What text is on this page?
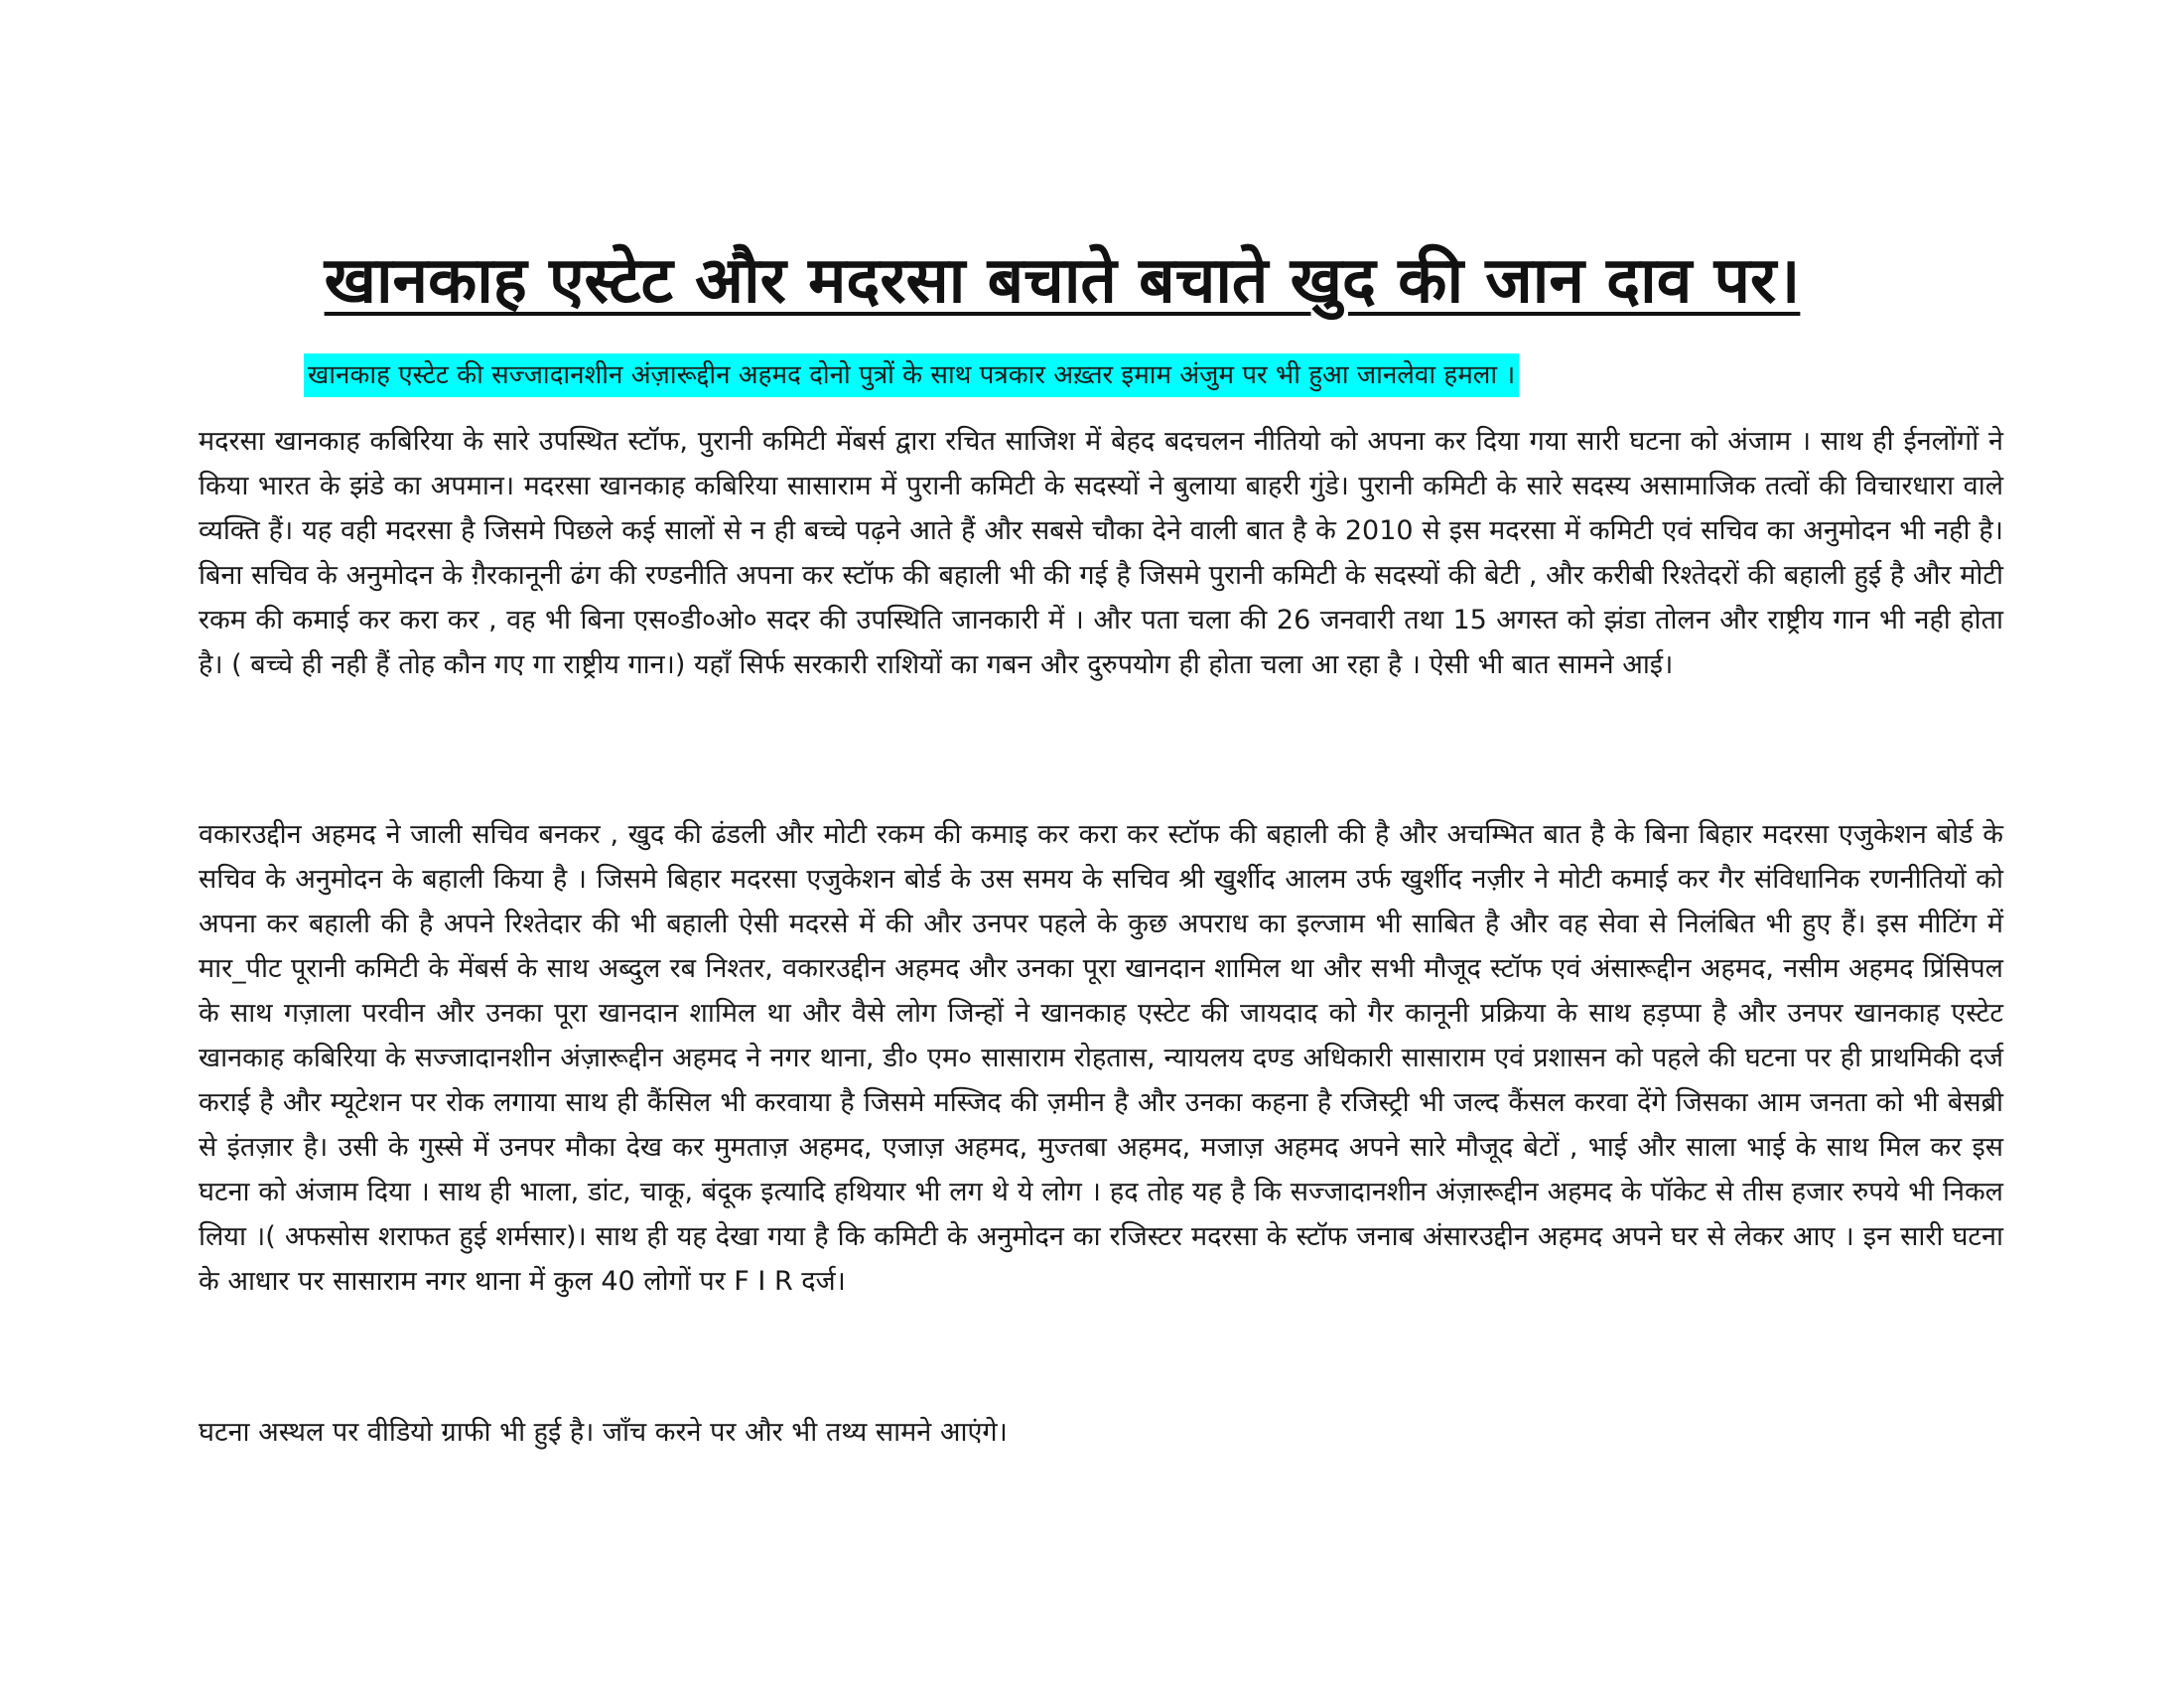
खानकाह एस्टेट और मदरसा बचाते बचाते खुद की जान दाव पर।
खानकाह एस्टेट की सज्जादानशीन अंज़ारूद्दीन अहमद दोनो पुत्रों के साथ पत्रकार अख़्तर इमाम अंजुम पर भी हुआ जानलेवा हमला ।

मदरसा खानकाह कबिरिया के सारे उपस्थित स्टॉफ, पुरानी कमिटी मेंबर्स द्वारा रचित साजिश में बेहद बदचलन नीतियो को अपना कर दिया गया सारी घटना को अंजाम । साथ ही ईनलोंगों ने किया भारत के झंडे का अपमान। मदरसा खानकाह कबिरिया सासाराम में पुरानी कमिटी के सदस्यों ने बुलाया बाहरी गुंडे। पुरानी कमिटी के सारे सदस्य असामाजिक तत्वों की विचारधारा वाले व्यक्ति हैं। यह वही मदरसा है जिसमे पिछले कई सालों से न ही बच्चे पढ़ने आते हैं और सबसे चौका देने वाली बात है के 2010 से इस मदरसा में कमिटी एवं सचिव का अनुमोदन भी नही है। बिना सचिव के अनुमोदन के ग़ैरकानूनी ढंग की रण्डनीति अपना कर स्टॉफ की बहाली भी की गई है जिसमे पुरानी कमिटी के सदस्यों की बेटी , और करीबी रिश्तेदरों की बहाली हुई है और मोटी रकम की कमाई कर करा कर , वह भी बिना एस०डी०ओ० सदर की उपस्थिति जानकारी में । और पता चला की 26 जनवारी तथा 15 अगस्त को झंडा तोलन और राष्ट्रीय गान भी नही होता है। ( बच्चे ही नही हैं तोह कौन गए गा राष्ट्रीय गान।) यहाँ सिर्फ सरकारी राशियों का गबन और दुरुपयोग ही होता चला आ रहा है । ऐसी भी बात सामने आई।

वकारउद्दीन अहमद ने जाली सचिव बनकर , खुद की ढंडली और मोटी रकम की कमाइ कर करा कर स्टॉफ की बहाली की है और अचम्भित बात है के बिना बिहार मदरसा एजुकेशन बोर्ड के सचिव के अनुमोदन के बहाली किया है । जिसमे बिहार मदरसा एजुकेशन बोर्ड के उस समय के सचिव श्री खुर्शीद आलम उर्फ खुर्शीद नज़ीर ने मोटी कमाई कर गैर संविधानिक रणनीतियों को अपना कर बहाली की है अपने रिश्तेदार की भी बहाली ऐसी मदरसे में की और उनपर पहले के कुछ अपराध का इल्जाम भी साबित है और वह सेवा से निलंबित भी हुए हैं। इस मीटिंग में मार_पीट पूरानी कमिटी के मेंबर्स के साथ अब्दुल रब निश्तर, वकारउद्दीन अहमद और उनका पूरा खानदान शामिल था और सभी मौजूद स्टॉफ एवं अंसारूद्दीन अहमद, नसीम अहमद प्रिंसिपल के साथ गज़ाला परवीन और उनका पूरा खानदान शामिल था और वैसे लोग जिन्हों ने खानकाह एस्टेट की जायदाद को गैर कानूनी प्रक्रिया के साथ हड़प्पा है और उनपर खानकाह एस्टेट खानकाह कबिरिया के सज्जादानशीन अंज़ारूद्दीन अहमद ने नगर थाना, डी० एम० सासाराम रोहतास, न्यायलय दण्ड अधिकारी सासाराम एवं प्रशासन को पहले की घटना पर ही प्राथमिकी दर्ज कराई है और म्यूटेशन पर रोक लगाया साथ ही कैंसिल भी करवाया है जिसमे मस्जिद की ज़मीन है और उनका कहना है रजिस्ट्री भी जल्द कैंसल करवा देंगे जिसका आम जनता को भी बेसब्री से इंतज़ार है। उसी के गुस्से में उनपर मौका देख कर मुमताज़ अहमद, एजाज़ अहमद, मुज्तबा अहमद, मजाज़ अहमद अपने सारे मौजूद बेटों , भाई और साला भाई के साथ मिल कर इस घटना को अंजाम दिया । साथ ही भाला, डांट, चाकू, बंदूक इत्यादि हथियार भी लग थे ये लोग । हद तोह यह है कि सज्जादानशीन अंज़ारूद्दीन अहमद के पॉकेट से तीस हजार रुपये भी निकल लिया ।( अफसोस शराफत हुई शर्मसार)। साथ ही यह देखा गया है कि कमिटी के अनुमोदन का रजिस्टर मदरसा के स्टॉफ जनाब अंसारउद्दीन अहमद अपने घर से लेकर आए । इन सारी घटना के आधार पर सासाराम नगर थाना में कुल 40 लोगों पर F I R दर्ज।

घटना अस्थल पर वीडियो ग्राफी भी हुई है। जाँच करने पर और भी तथ्य सामने आएंगे।
